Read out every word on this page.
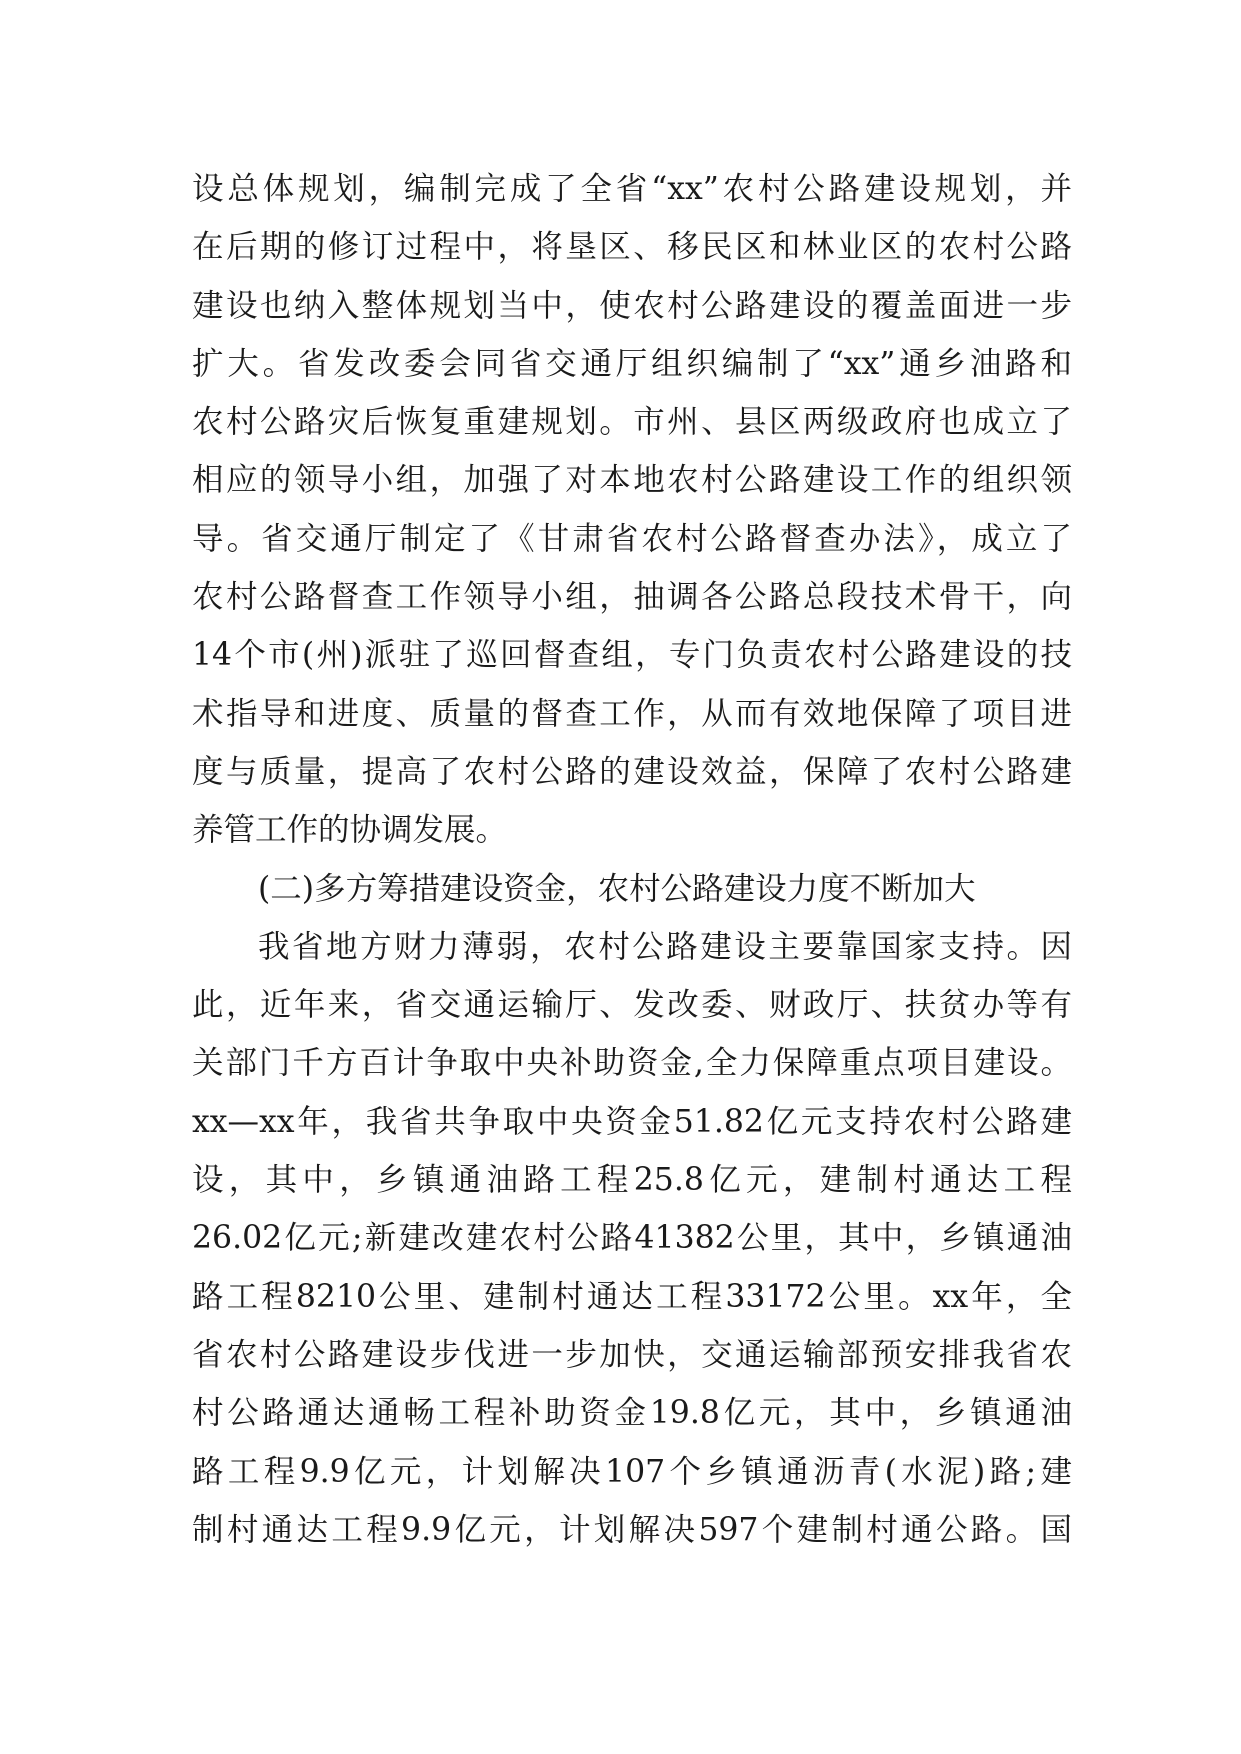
设总体规划，编制完成了全省“xx”农村公路建设规划，并
在后期的修订过程中，将垦区、移民区和林业区的农村公路
建设也纳入整体规划当中，使农村公路建设的覆盖面进一步
扩大。省发改委会同省交通厅组织编制了“xx”通乡油路和
农村公路灾后恢复重建规划。市州、县区两级政府也成立了
相应的领导小组，加强了对本地农村公路建设工作的组织领
导。省交通厅制定了《甘肃省农村公路督查办法》，成立了
农村公路督查工作领导小组，抽调各公路总段技术骨干，向
14个市(州)派驻了巡回督查组，专门负责农村公路建设的技
术指导和进度、质量的督查工作，从而有效地保障了项目进
度与质量，提高了农村公路的建设效益，保障了农村公路建
养管工作的协调发展。
(二)多方筹措建设资金，农村公路建设力度不断加大
我省地方财力薄弱，农村公路建设主要靠国家支持。因
此，近年来，省交通运输厅、发改委、财政厅、扶贫办等有
关部门千方百计争取中央补助资金,全力保障重点项目建设。
xx—xx年，我省共争取中央资金51.82亿元支持农村公路建
设，其中，乡镇通油路工程25.8亿元，建制村通达工程
26.02亿元;新建改建农村公路41382公里，其中，乡镇通油
路工程8210公里、建制村通达工程33172公里。xx年，全
省农村公路建设步伐进一步加快，交通运输部预安排我省农
村公路通达通畅工程补助资金19.8亿元，其中，乡镇通油
路工程9.9亿元，计划解决107个乡镇通沥青(水泥)路;建
制村通达工程9.9亿元，计划解决597个建制村通公路。国
